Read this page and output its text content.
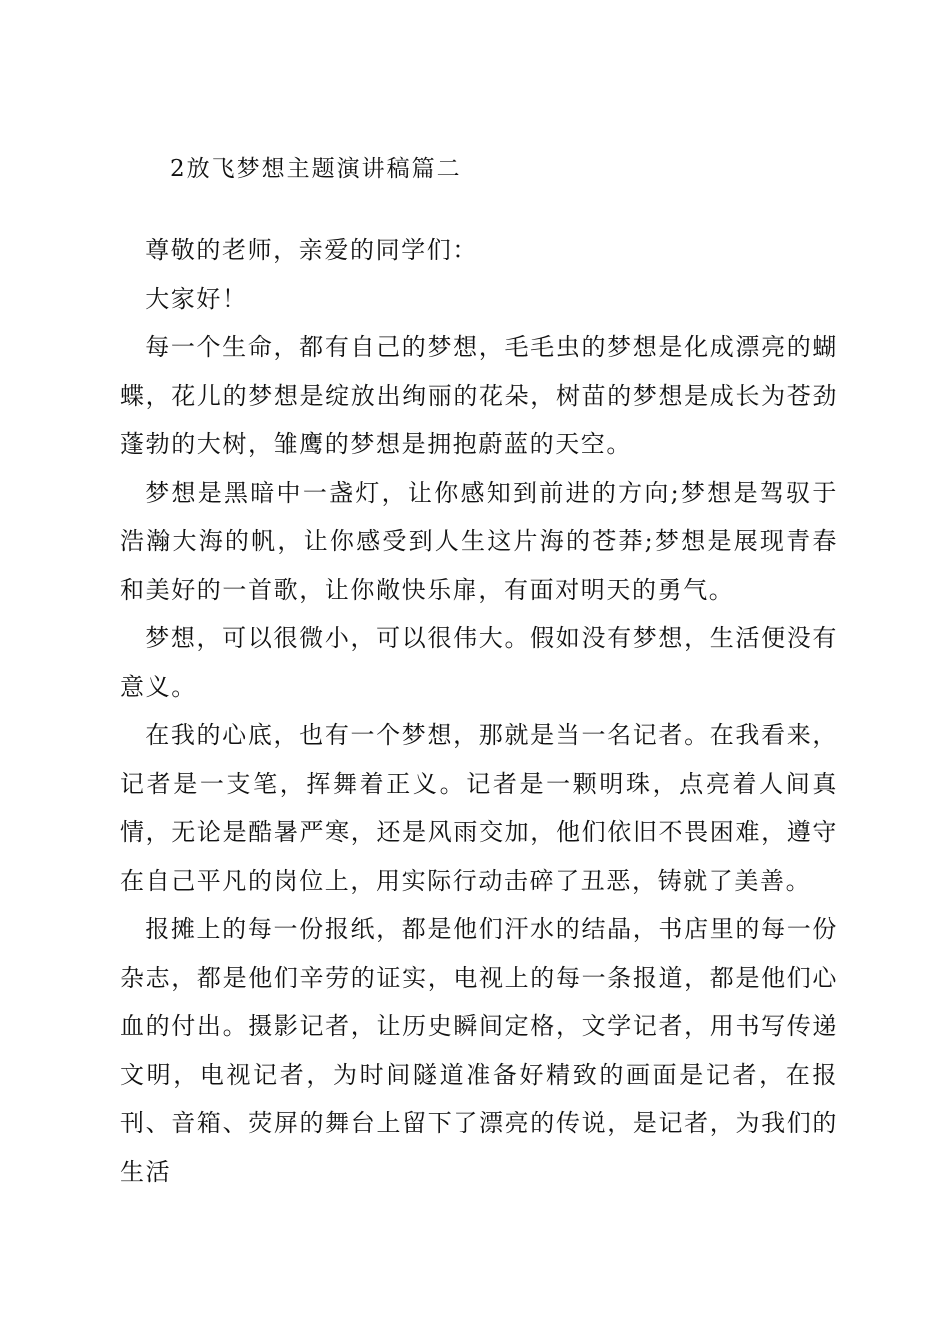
2放飞梦想主题演讲稿篇二

尊敬的老师，亲爱的同学们：

大家好！

每一个生命，都有自己的梦想，毛毛虫的梦想是化成漂亮的蝴蝶，花儿的梦想是绽放出绚丽的花朵，树苗的梦想是成长为苍劲蓬勃的大树，雏鹰的梦想是拥抱蔚蓝的天空。

梦想是黑暗中一盏灯，让你感知到前进的方向;梦想是驾驭于浩瀚大海的帆，让你感受到人生这片海的苍莽;梦想是展现青春和美好的一首歌，让你敞快乐扉，有面对明天的勇气。

梦想，可以很微小，可以很伟大。假如没有梦想，生活便没有意义。

在我的心底，也有一个梦想，那就是当一名记者。在我看来，记者是一支笔，挥舞着正义。记者是一颗明珠，点亮着人间真情，无论是酷暑严寒，还是风雨交加，他们依旧不畏困难，遵守在自己平凡的岗位上，用实际行动击碎了丑恶，铸就了美善。

报摊上的每一份报纸，都是他们汗水的结晶，书店里的每一份杂志，都是他们辛劳的证实，电视上的每一条报道，都是他们心血的付出。摄影记者，让历史瞬间定格，文学记者，用书写传递文明，电视记者，为时间隧道准备好精致的画面是记者，在报刊、音箱、荧屏的舞台上留下了漂亮的传说，是记者，为我们的生活
